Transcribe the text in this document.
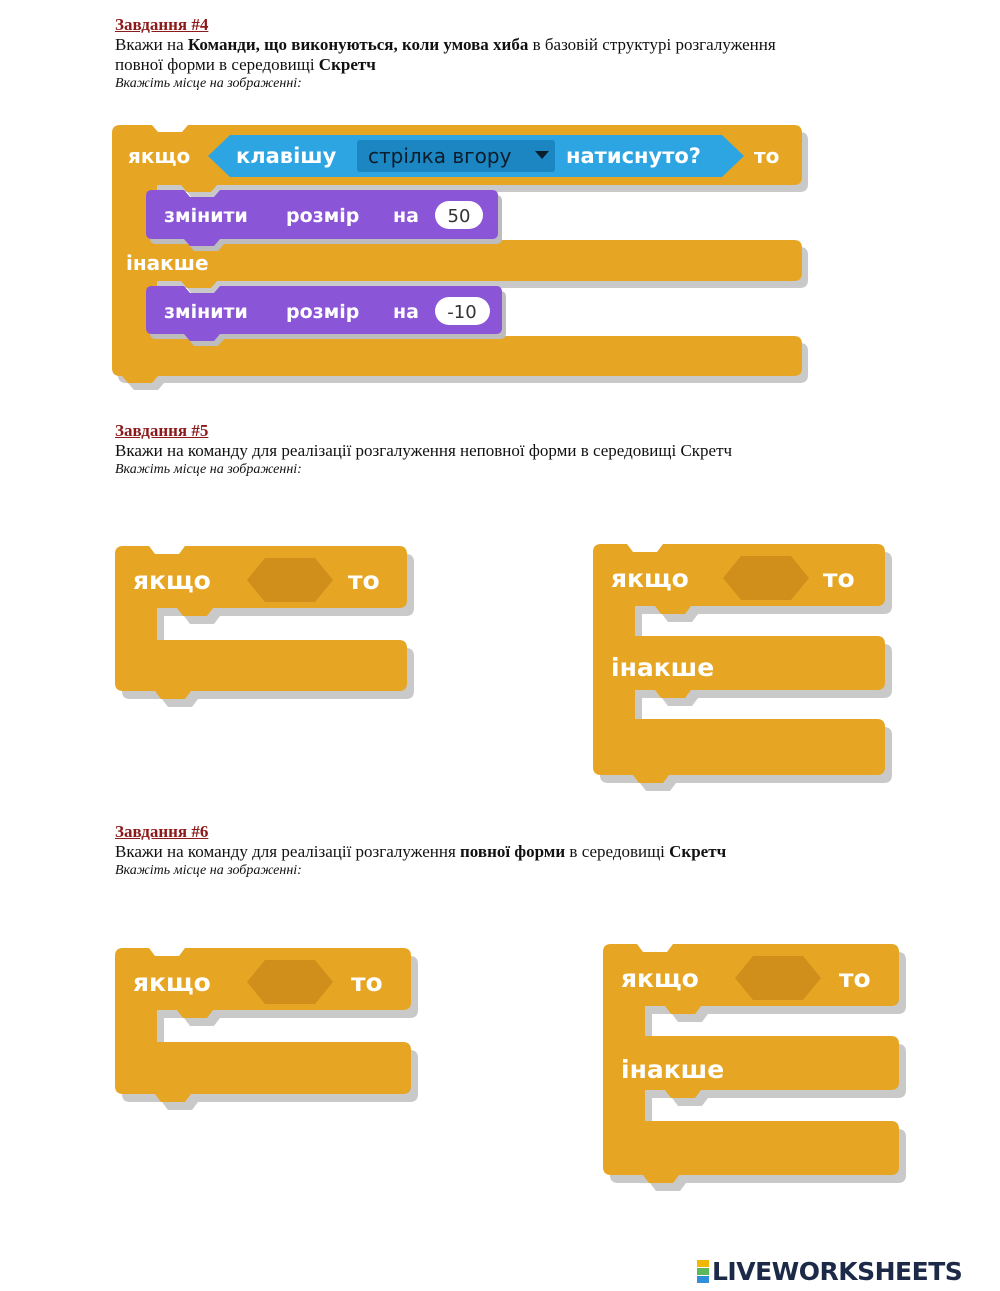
Завдання #4
Вкажи на Команди, що виконуються, коли умова хиба в базовій структурі розгалуження
повної форми в середовищі Скретч
Вкажіть місце на зображенні:
якщо клавішу стрілка вгору	натиснуто?	то
змінити розмір на 50
інакше
змінити розмір на -10
Завдання #5
Вкажи на команду для реалізації розгалуження неповної форми в середовищі Скретч
Вкажіть місце на зображенні:
якщо	то	якщо	то
інакше
Завдання #6
Вкажи на команду для реалізації розгалуження повної форми в середовищі Скретч
Вкажіть місце на зображенні:
якщо	то	якщо	то
інакше
LIVEWORKSHEETS
